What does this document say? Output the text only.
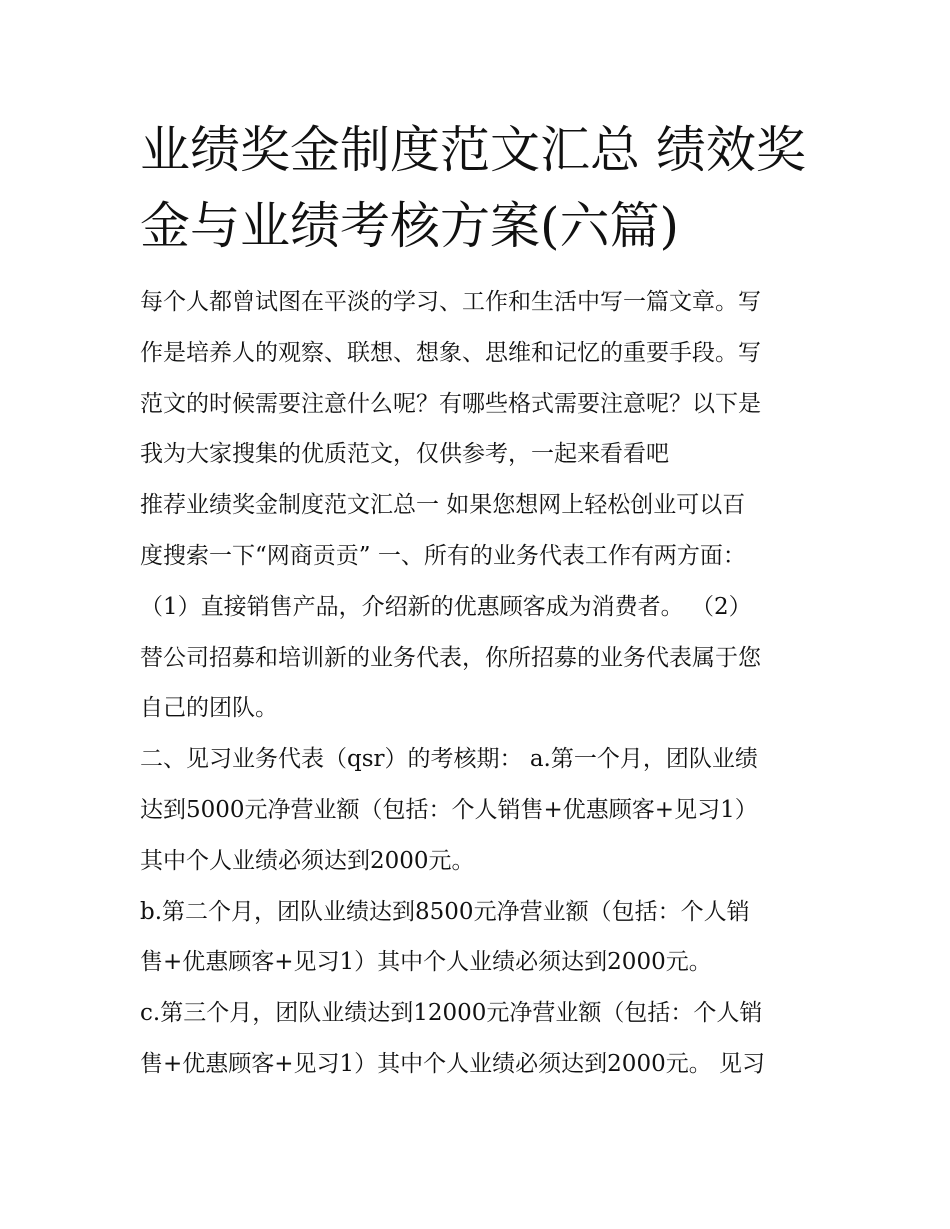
业绩奖金制度范文汇总 绩效奖
金与业绩考核方案(六篇)
每个人都曾试图在平淡的学习、工作和生活中写一篇文章。写
作是培养人的观察、联想、想象、思维和记忆的重要手段。写
范文的时候需要注意什么呢？有哪些格式需要注意呢？以下是
我为大家搜集的优质范文，仅供参考，一起来看看吧
推荐业绩奖金制度范文汇总一 如果您想网上轻松创业可以百
度搜索一下“网商贡贡” 一、所有的业务代表工作有两方面：
（1）直接销售产品，介绍新的优惠顾客成为消费者。 （2）
替公司招募和培训新的业务代表，你所招募的业务代表属于您
自己的团队。
二、见习业务代表（qsr）的考核期： a.第一个月，团队业绩
达到5000元净营业额（包括：个人销售+优惠顾客+见习1）
其中个人业绩必须达到2000元。
b.第二个月，团队业绩达到8500元净营业额（包括：个人销
售+优惠顾客+见习1）其中个人业绩必须达到2000元。
c.第三个月，团队业绩达到12000元净营业额（包括：个人销
售+优惠顾客+见习1）其中个人业绩必须达到2000元。 见习
